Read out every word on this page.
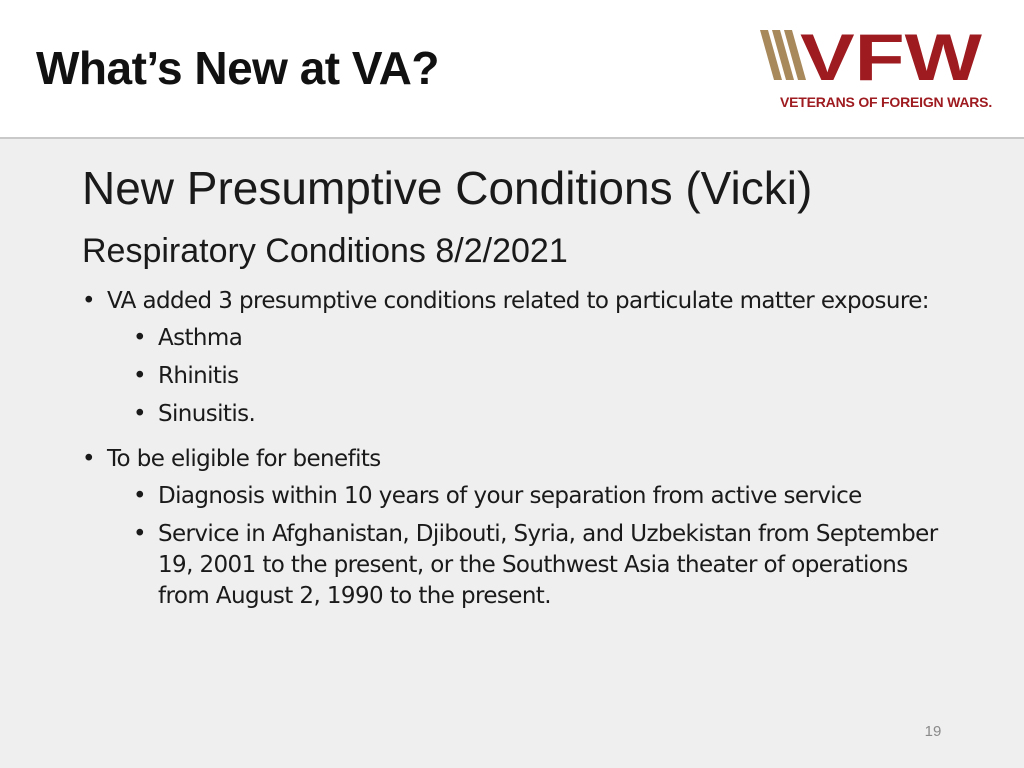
What’s New at VA?	VFW
VETERANS OF FOREIGN WARS.
New Presumptive Conditions (Vicki)
Respiratory Conditions 8/2/2021
• VA added 3 presumptive conditions related to particulate matter exposure:
• Asthma
• Rhinitis
• Sinusitis.
• To be eligible for benefits
• Diagnosis within 10 years of your separation from active service
• Service in Afghanistan, Djibouti, Syria, and Uzbekistan from September 19, 2001 to the present, or the Southwest Asia theater of operations from August 2, 1990 to the present.
19
